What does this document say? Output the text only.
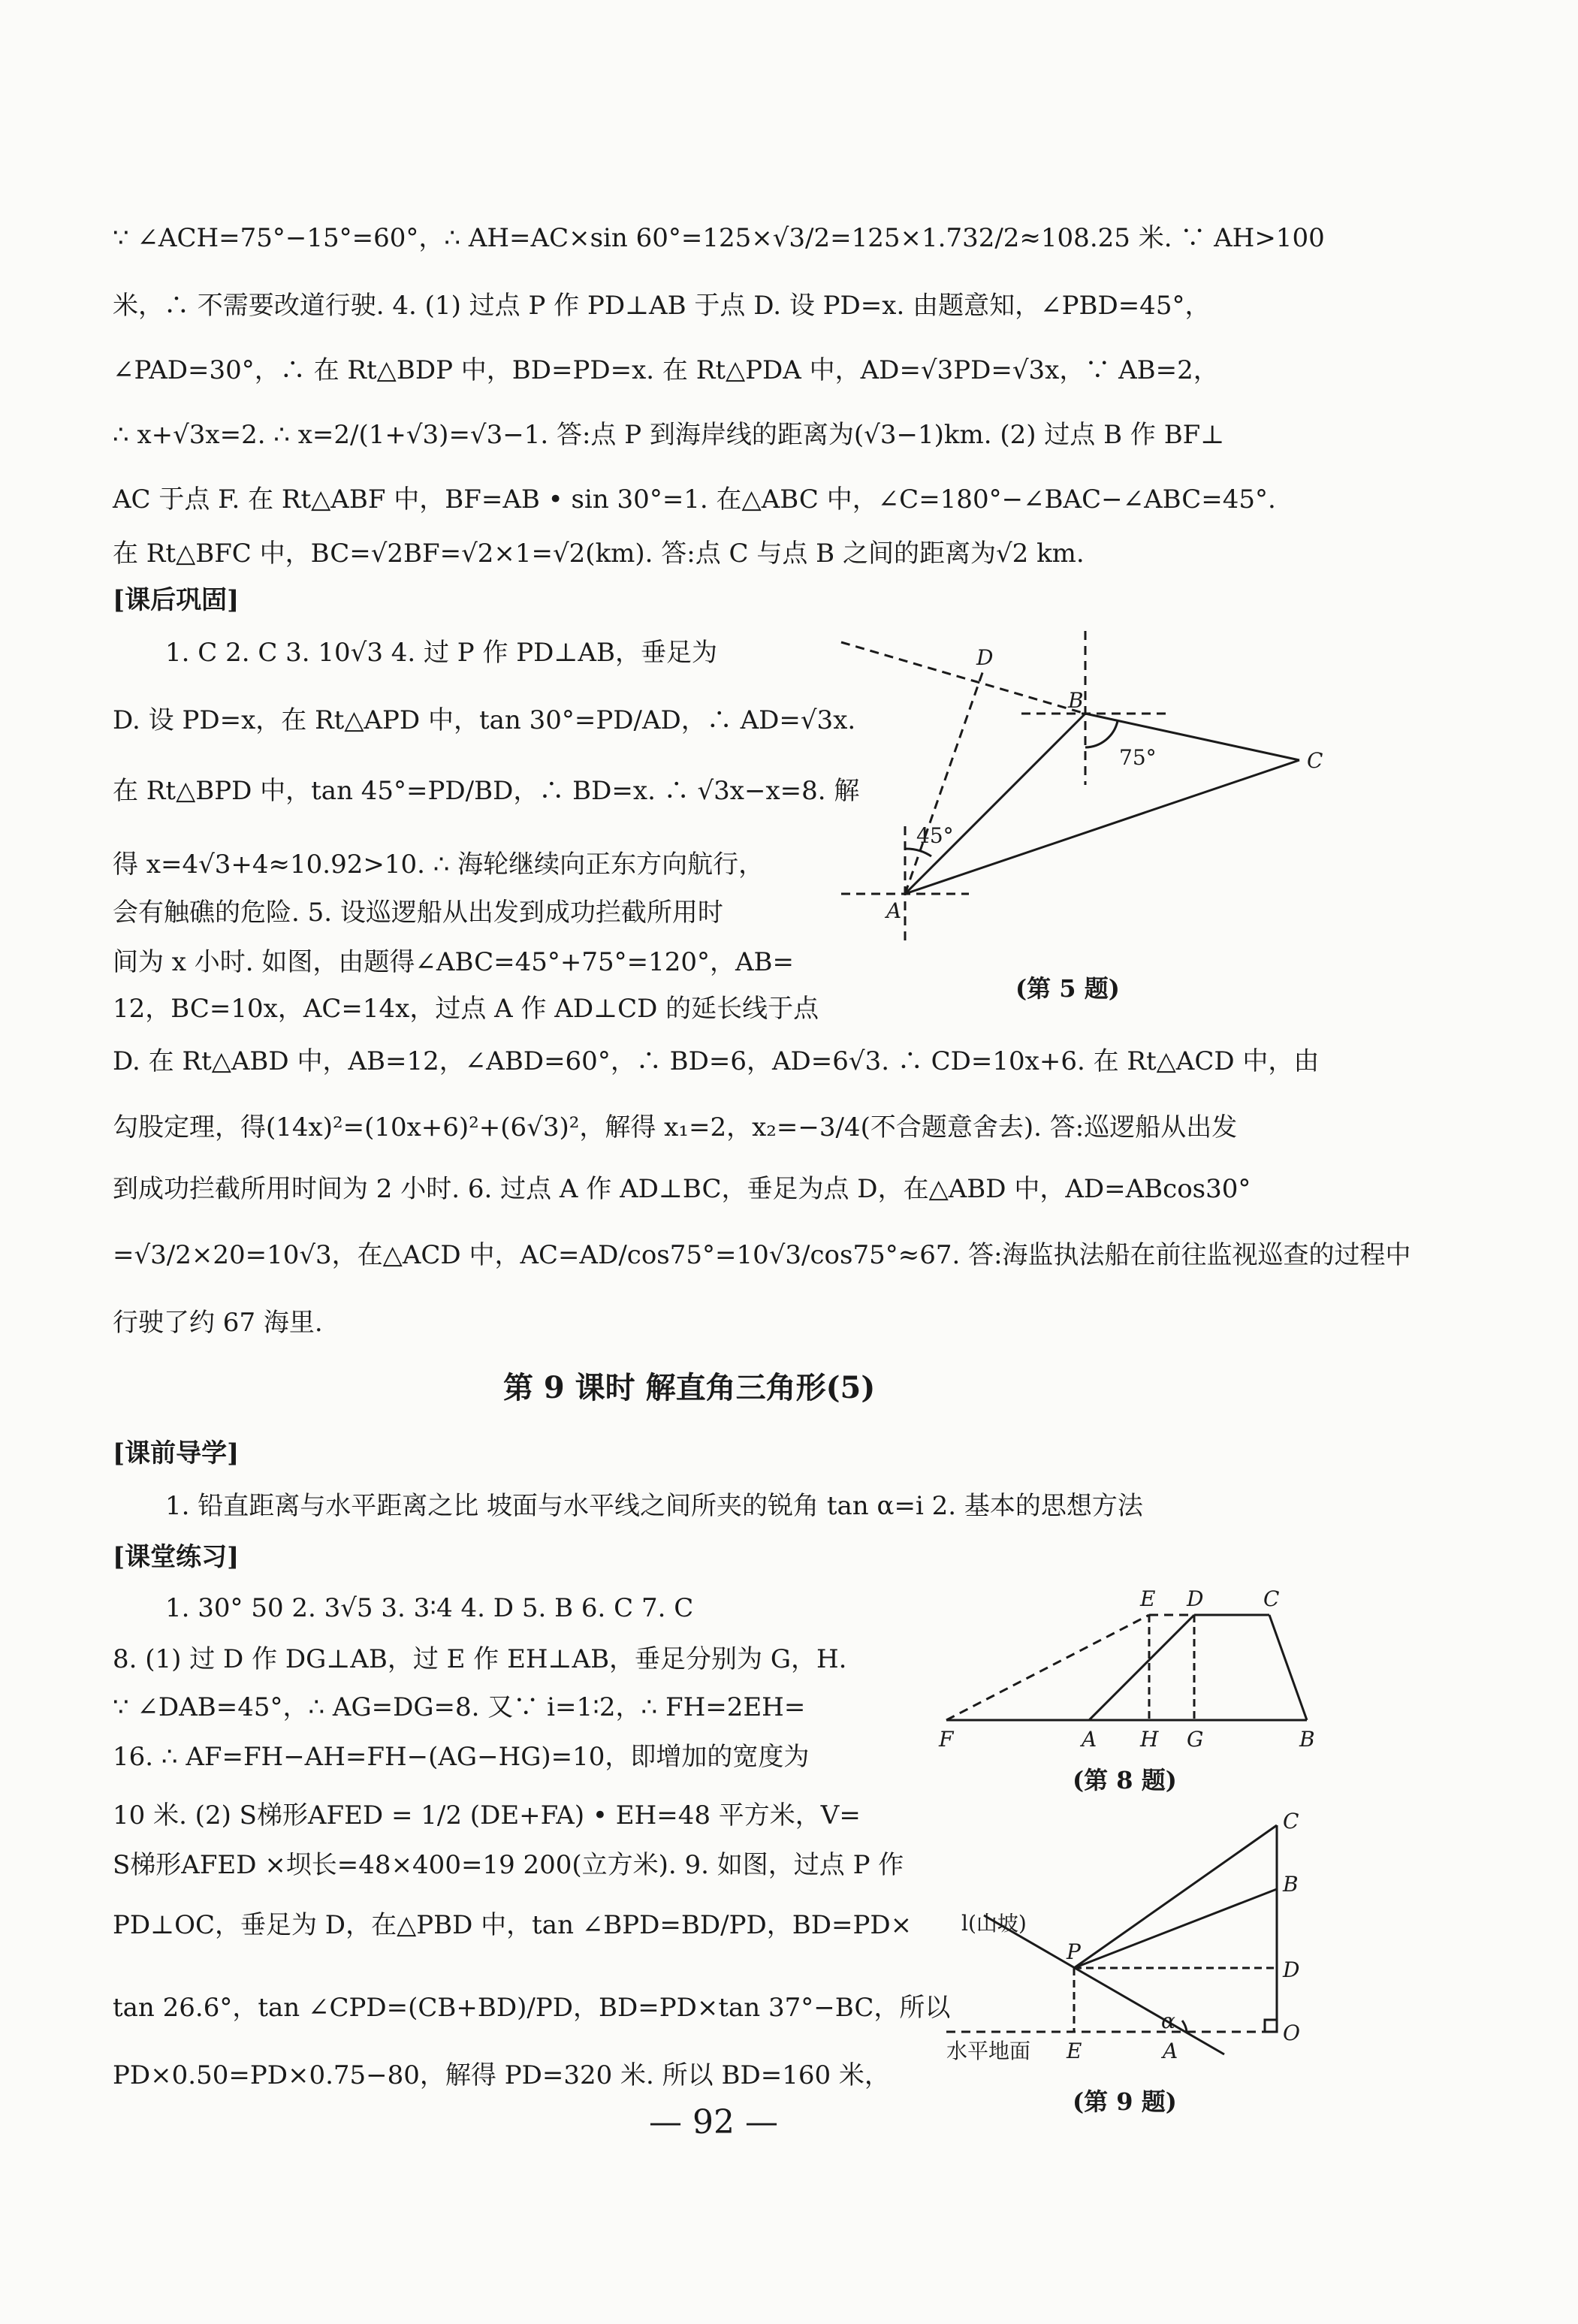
∵ ∠ACH=75°−15°=60°，∴ AH=AC×sin 60°=125×√3/2=125×1.732/2≈108.25 米. ∵ AH>100
米，∴ 不需要改道行驶. 4. (1) 过点 P 作 PD⊥AB 于点 D. 设 PD=x. 由题意知，∠PBD=45°，
∠PAD=30°，∴ 在 Rt△BDP 中，BD=PD=x. 在 Rt△PDA 中，AD=√3PD=√3x，∵ AB=2，
∴ x+√3x=2. ∴ x=2/(1+√3)=√3−1. 答:点 P 到海岸线的距离为(√3−1)km. (2) 过点 B 作 BF⊥
AC 于点 F. 在 Rt△ABF 中，BF=AB • sin 30°=1. 在△ABC 中，∠C=180°−∠BAC−∠ABC=45°.
在 Rt△BFC 中，BC=√2BF=√2×1=√2(km). 答:点 C 与点 B 之间的距离为√2 km.
[课后巩固]
1. C 2. C 3. 10√3 4. 过 P 作 PD⊥AB，垂足为
D. 设 PD=x，在 Rt△APD 中，tan 30°=PD/AD，∴ AD=√3x.
在 Rt△BPD 中，tan 45°=PD/BD，∴ BD=x. ∴ √3x−x=8. 解
得 x=4√3+4≈10.92>10. ∴ 海轮继续向正东方向航行，
会有触礁的危险. 5. 设巡逻船从出发到成功拦截所用时
间为 x 小时. 如图，由题得∠ABC=45°+75°=120°，AB=
12，BC=10x，AC=14x，过点 A 作 AD⊥CD 的延长线于点
D. 在 Rt△ABD 中，AB=12，∠ABD=60°，∴ BD=6，AD=6√3. ∴ CD=10x+6. 在 Rt△ACD 中，由
勾股定理，得(14x)²=(10x+6)²+(6√3)²，解得 x₁=2，x₂=−3/4(不合题意舍去). 答:巡逻船从出发
到成功拦截所用时间为 2 小时. 6. 过点 A 作 AD⊥BC，垂足为点 D，在△ABD 中，AD=ABcos30°
=√3/2×20=10√3，在△ACD 中，AC=AD/cos75°=10√3/cos75°≈67. 答:海监执法船在前往监视巡查的过程中
行驶了约 67 海里.
第 9 课时 解直角三角形(5)
[课前导学]
1. 铅直距离与水平距离之比 坡面与水平线之间所夹的锐角 tan α=i 2. 基本的思想方法
[课堂练习]
1. 30° 50 2. 3√5 3. 3∶4 4. D 5. B 6. C 7. C
8. (1) 过 D 作 DG⊥AB，过 E 作 EH⊥AB，垂足分别为 G，H.
∵ ∠DAB=45°，∴ AG=DG=8. 又∵ i=1∶2，∴ FH=2EH=
16. ∴ AF=FH−AH=FH−(AG−HG)=10，即增加的宽度为
10 米. (2) S梯形AFED = 1/2 (DE+FA) • EH=48 平方米，V=
S梯形AFED ×坝长=48×400=19 200(立方米). 9. 如图，过点 P 作
PD⊥OC，垂足为 D，在△PBD 中，tan ∠BPD=BD/PD，BD=PD×
tan 26.6°，tan ∠CPD=(CB+BD)/PD，BD=PD×tan 37°−BC，所以
PD×0.50=PD×0.75−80，解得 PD=320 米. 所以 BD=160 米，
D
B
C
A
75°
45°
(第 5 题)
E D	C
F	A H G	B
(第 8 题)
C
B
P
D
O
E	A
l(山坡)
水平地面
α
(第 9 题)
— 92 —
